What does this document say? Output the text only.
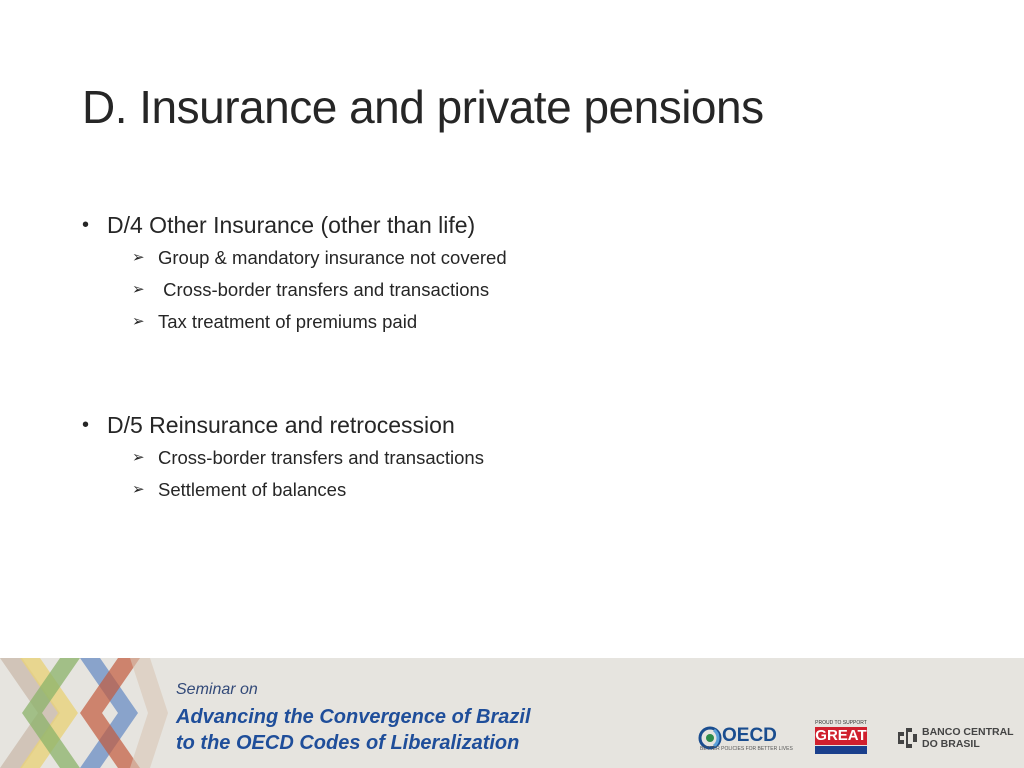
D. Insurance and private pensions
• D/4 Other Insurance (other than life)
➢ Group & mandatory insurance not covered
➢ Cross-border transfers and transactions
➢ Tax treatment of premiums paid
• D/5 Reinsurance and retrocession
➢ Cross-border transfers and transactions
➢ Settlement of balances
Seminar on
Advancing the Convergence of Brazil
to the OECD Codes of Liberalization	OECD
BETTER POLICIES FOR BETTER LIVES
PROUD TO SUPPORT
GREAT	BANCO CENTRAL
DO BRASIL
